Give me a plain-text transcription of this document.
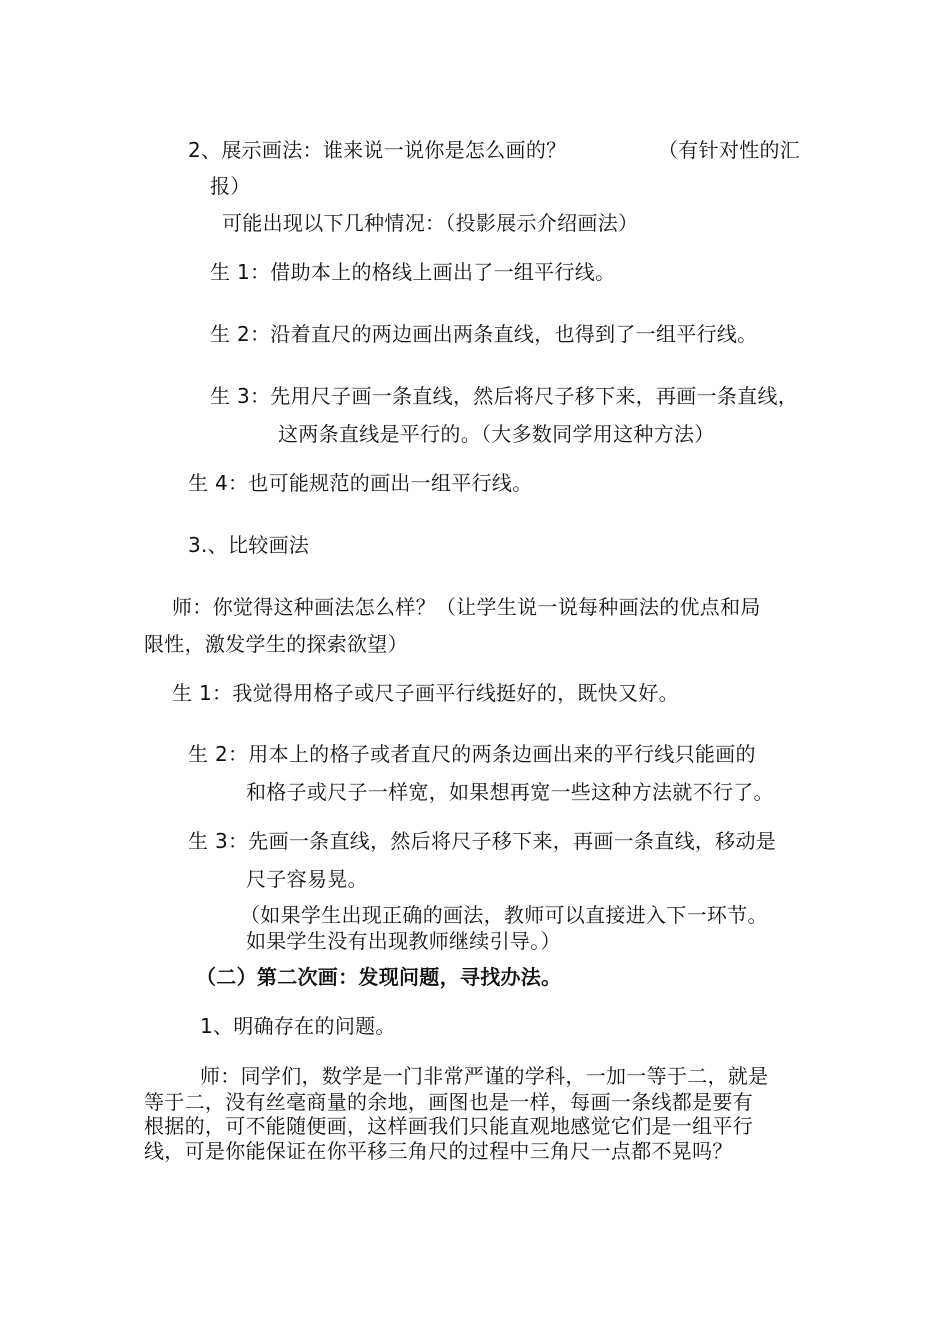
2、展示画法：谁来说一说你是怎么画的？	（有针对性的汇
报）
可能出现以下几种情况：（投影展示介绍画法）
生 1：借助本上的格线上画出了一组平行线。
生 2：沿着直尺的两边画出两条直线，也得到了一组平行线。
生 3：先用尺子画一条直线，然后将尺子移下来，再画一条直线，
这两条直线是平行的。（大多数同学用这种方法）
生 4：也可能规范的画出一组平行线。
3.、比较画法
师：你觉得这种画法怎么样？（让学生说一说每种画法的优点和局
限性，激发学生的探索欲望）
生 1：我觉得用格子或尺子画平行线挺好的，既快又好。
生 2：用本上的格子或者直尺的两条边画出来的平行线只能画的
和格子或尺子一样宽，如果想再宽一些这种方法就不行了。
生 3：先画一条直线，然后将尺子移下来，再画一条直线，移动是
尺子容易晃。
（如果学生出现正确的画法，教师可以直接进入下一环节。
如果学生没有出现教师继续引导。）
（二）第二次画：发现问题，寻找办法。
1、明确存在的问题。
师：同学们，数学是一门非常严谨的学科，一加一等于二，就是
等于二，没有丝毫商量的余地，画图也是一样，每画一条线都是要有
根据的，可不能随便画，这样画我们只能直观地感觉它们是一组平行
线，可是你能保证在你平移三角尺的过程中三角尺一点都不晃吗？
